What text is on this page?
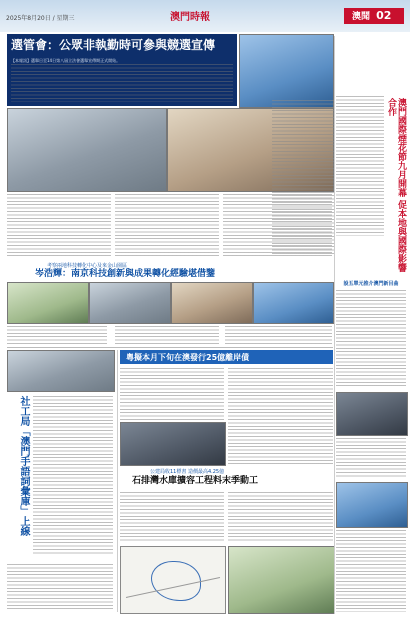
2025年8月20日 / 星期三	澳門時報	澳聞 02
選管會：公眾非執勤時可參與競選宣傳
【本報訊】選舉日至14日第八屆立法會選舉宣傳期正式開始。
澳門國際煙花節九月開幕 促本地與國際影響合作
設五單元推介澳門新目曲
考察兩地科技轉化中心及來金山園區
岑浩輝：南京科技創新與成果轉化經驗堪借鑒
社工局「澳門手語詞彙庫」上線
粵擬本月下旬在澳發行25億離岸債
公建局收11標書 造價最高4.25億
石排灣水庫擴容工程料末季動工
